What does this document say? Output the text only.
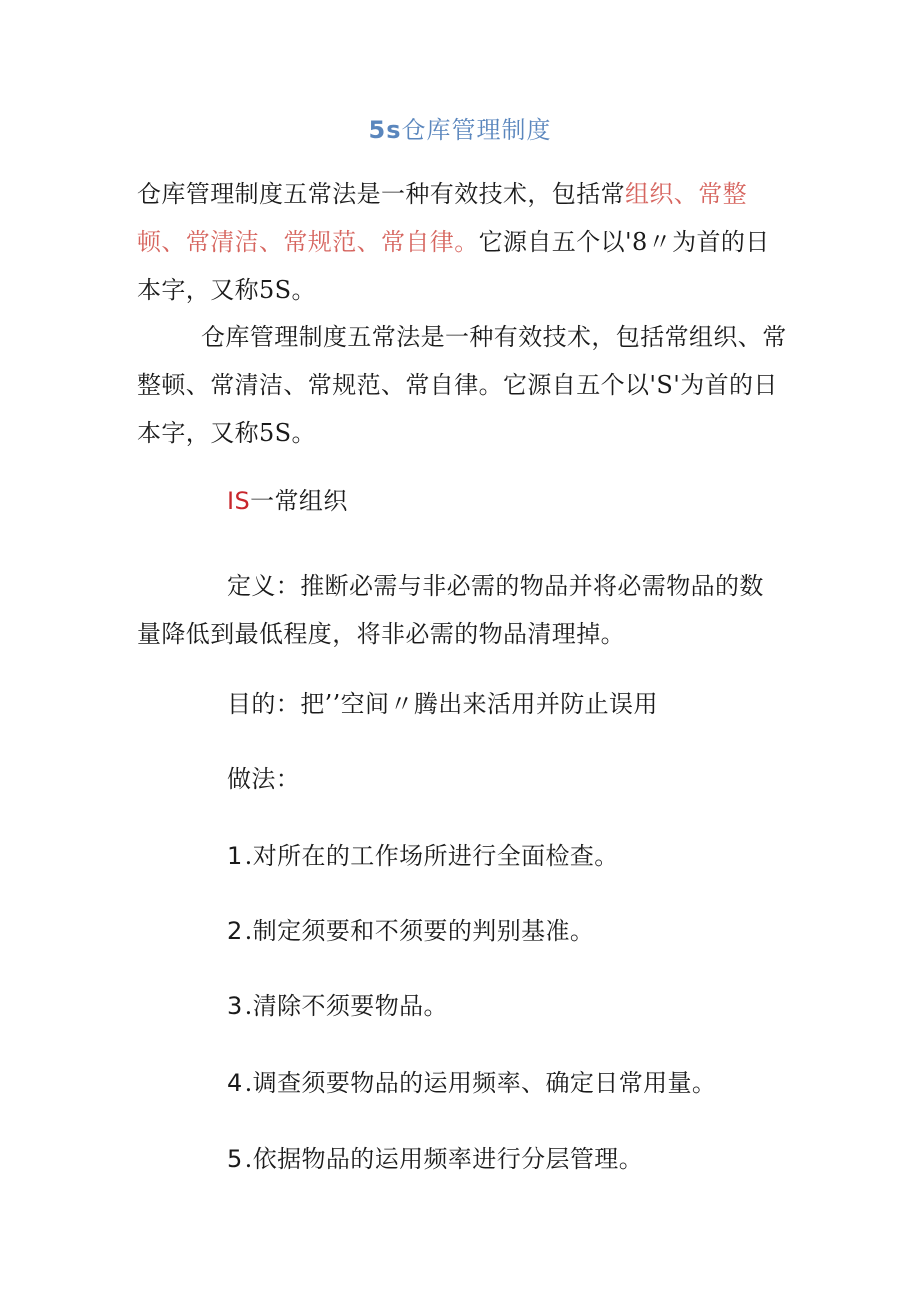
5s仓库管理制度
仓库管理制度五常法是一种有效技术，包括常组织、常整顿、常清洁、常规范、常自律。它源自五个以'8〃为首的日本字，又称5S。
仓库管理制度五常法是一种有效技术，包括常组织、常整顿、常清洁、常规范、常自律。它源自五个以'S'为首的日本字，又称5S。
IS一常组织
定义：推断必需与非必需的物品并将必需物品的数量降低到最低程度，将非必需的物品清理掉。
目的：把’’空间〃腾出来活用并防止误用
做法：
1.对所在的工作场所进行全面检查。
2.制定须要和不须要的判别基准。
3.清除不须要物品。
4.调查须要物品的运用频率、确定日常用量。
5.依据物品的运用频率进行分层管理。
